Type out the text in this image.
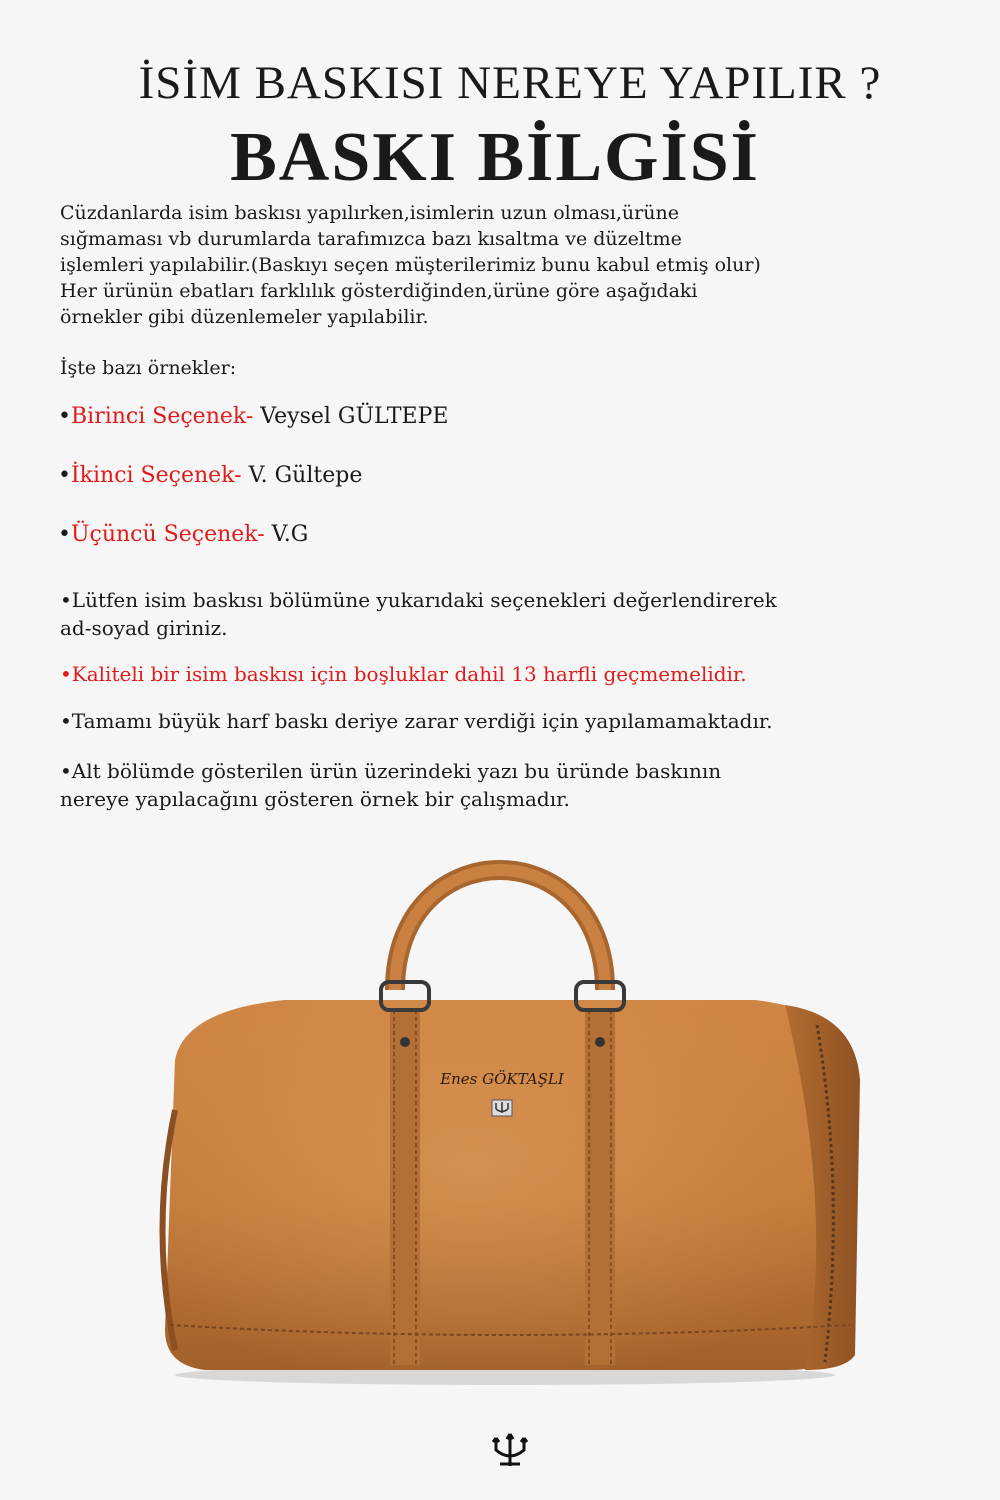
İSİM BASKISI NEREYE YAPILIR ?
BASKI BİLGİSİ
Cüzdanlarda isim baskısı yapılırken,isimlerin uzun olması,ürüne
sığmaması vb durumlarda tarafımızca bazı kısaltma ve düzeltme
işlemleri yapılabilir.(Baskıyı seçen müşterilerimiz bunu kabul etmiş olur)
Her ürünün ebatları farklılık gösterdiğinden,ürüne göre aşağıdaki
örnekler gibi düzenlemeler yapılabilir.
İşte bazı örnekler:
•Birinci Seçenek- Veysel GÜLTEPE
•İkinci Seçenek- V. Gültepe
•Üçüncü Seçenek- V.G
•Lütfen isim baskısı bölümüne yukarıdaki seçenekleri değerlendirerek
ad-soyad giriniz.
•Kaliteli bir isim baskısı için boşluklar dahil 13 harfli geçmemelidir.
•Tamamı büyük harf baskı deriye zarar verdiği için yapılamamaktadır.
•Alt bölümde gösterilen ürün üzerindeki yazı bu üründe baskının
nereye yapılacağını gösteren örnek bir çalışmadır.
Enes GÖKTAŞLI
